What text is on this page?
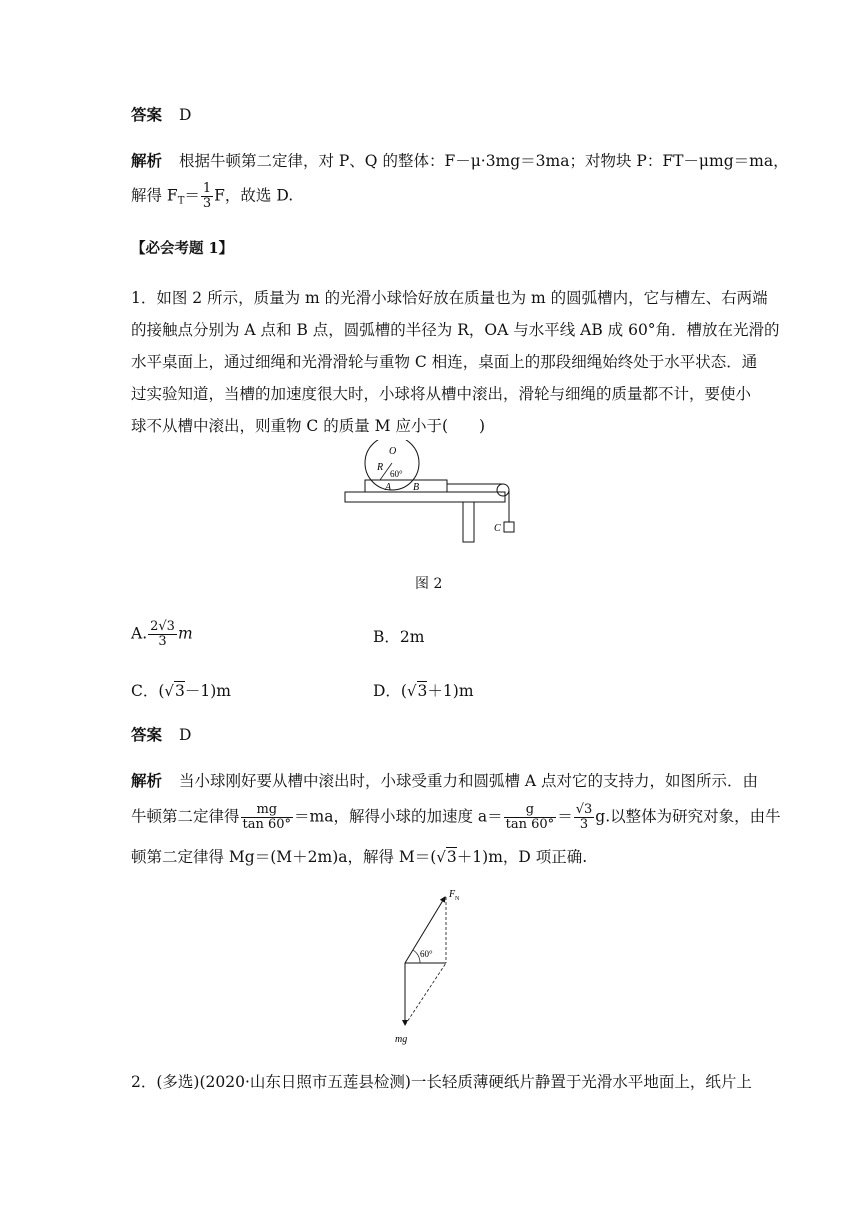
答案 D
解析 根据牛顿第二定律，对 P、Q 的整体：F－μ·3mg＝3ma；对物块 P：FT－μmg＝ma，
解得 $F_T= \frac{1}{3}$ F，故选 D.
【必会考题 1】
1．如图 2 所示，质量为 m 的光滑小球恰好放在质量也为 m 的圆弧槽内，它与槽左、右两端
的接触点分别为 A 点和 B 点，圆弧槽的半径为 R，OA 与水平线 AB 成 60°角．槽放在光滑的
水平桌面上，通过细绳和光滑滑轮与重物 C 相连，桌面上的那段细绳始终处于水平状态．通
过实验知道，当槽的加速度很大时，小球将从槽中滚出，滑轮与细绳的质量都不计，要使小
球不从槽中滚出，则重物 C 的质量 M 应小于(　　)
O
R
60°
A B
C
图 2
A. $\frac{2√3}{3}$ m	B．2m
C．(√3－1)m	D．(√3＋1)m
答案 D
解析 当小球刚好要从槽中滚出时，小球受重力和圆弧槽 A 点对它的支持力，如图所示．由
牛顿第二定律得 $\frac{mg}{\tan 60^\circ} =ma$，解得小球的加速度 $a= \frac{g}{\tan 60^\circ} = \frac{√3}{3} g$.以整体为研究对象，由牛
顿第二定律得 Mg＝(M＋2m)a，解得 M＝(√3＋1)m，D 项正确.
60°
F N
mg
2．(多选)(2020·山东日照市五莲县检测)一长轻质薄硬纸片静置于光滑水平地面上，纸片上
